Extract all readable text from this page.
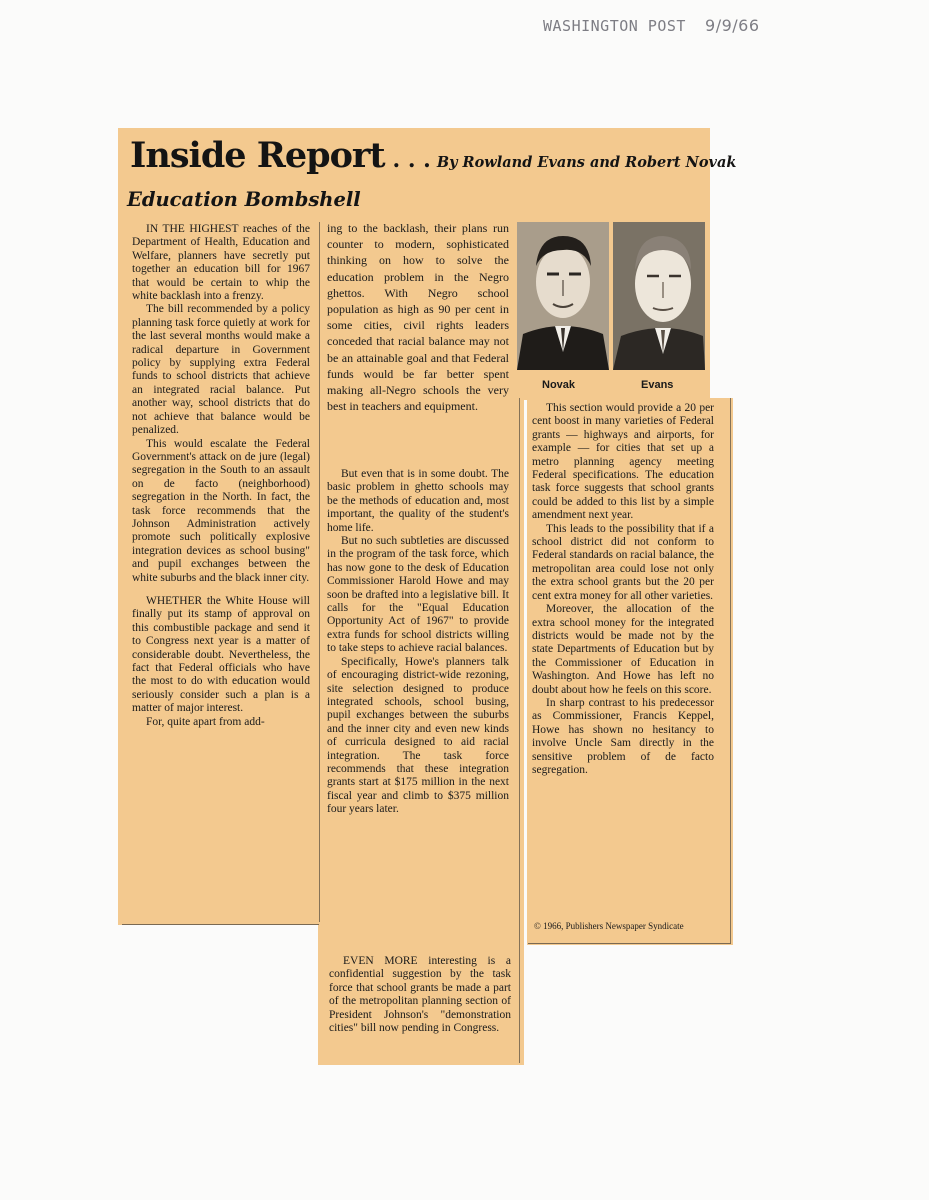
WASHINGTON POST 9/9/66
Inside Report . . . By Rowland Evans and Robert Novak
Education Bombshell

IN THE HIGHEST reaches of the Department of Health, Education and Welfare, planners have secretly put together an education bill for 1967 that would be certain to whip the white backlash into a frenzy.

The bill recommended by a policy planning task force quietly at work for the last several months would make a radical departure in Government policy by supplying extra Federal funds to school districts that achieve an integrated racial balance. Put another way, school districts that do not achieve that balance would be penalized.

This would escalate the Federal Government's attack on de jure (legal) segregation in the South to an assault on de facto (neighborhood) segregation in the North. In fact, the task force recommends that the Johnson Administration actively promote such politically explosive integration devices as school busing" and pupil exchanges between the white suburbs and the black inner city.

WHETHER the White House will finally put its stamp of approval on this combustible package and send it to Congress next year is a matter of considerable doubt. Nevertheless, the fact that Federal officials who have the most to do with education would seriously consider such a plan is a matter of major interest.

For, quite apart from add-

ing to the backlash, their plans run counter to modern, sophisticated thinking on how to solve the education problem in the Negro ghettos. With Negro school population as high as 90 per cent in some cities, civil rights leaders conceded that racial balance may not be an attainable goal and that Federal funds would be far better spent making all-Negro schools the very best in teachers and equipment.

But even that is in some doubt. The basic problem in ghetto schools may be the methods of education and, most important, the quality of the student's home life.

But no such subtleties are discussed in the program of the task force, which has now gone to the desk of Education Commissioner Harold Howe and may soon be drafted into a legislative bill. It calls for the "Equal Education Opportunity Act of 1967" to provide extra funds for school districts willing to take steps to achieve racial balances.

Specifically, Howe's planners talk of encouraging district-wide rezoning, site selection designed to produce integrated schools, school busing, pupil exchanges between the suburbs and the inner city and even new kinds of curricula designed to aid racial integration. The task force recommends that these integration grants start at $175 million in the next fiscal year and climb to $375 million four years later.

EVEN MORE interesting is a confidential suggestion by the task force that school grants be made a part of the metropolitan planning section of President Johnson's "demonstration cities" bill now pending in Congress.

Novak	Evans

This section would provide a 20 per cent boost in many varieties of Federal grants — highways and airports, for example — for cities that set up a metro planning agency meeting Federal specifications. The education task force suggests that school grants could be added to this list by a simple amendment next year.

This leads to the possibility that if a school district did not conform to Federal standards on racial balance, the metropolitan area could lose not only the extra school grants but the 20 per cent extra money for all other varieties.

Moreover, the allocation of the extra school money for the integrated districts would be made not by the state Departments of Education but by the Commissioner of Education in Washington. And Howe has left no doubt about how he feels on this score.

In sharp contrast to his predecessor as Commissioner, Francis Keppel, Howe has shown no hesitancy to involve Uncle Sam directly in the sensitive problem of de facto segregation.

© 1966, Publishers Newspaper Syndicate
